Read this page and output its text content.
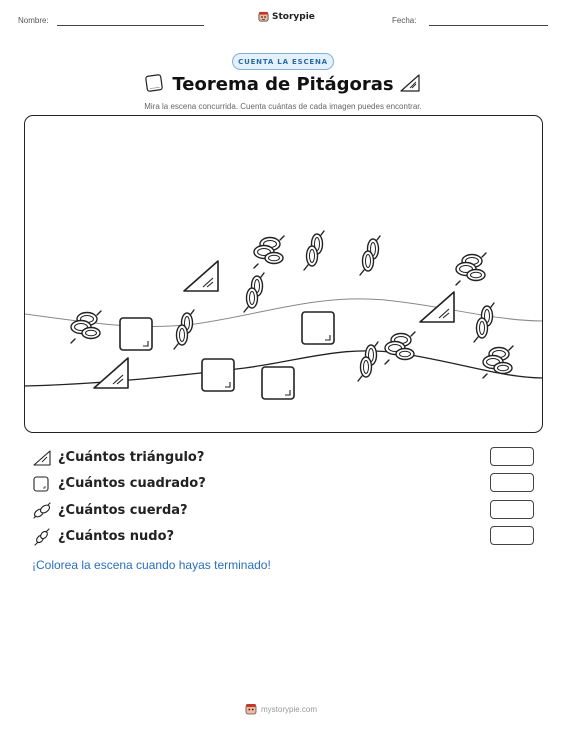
Nombre:	Storypie	Fecha:
CUENTA LA ESCENA
Teorema de Pitágoras
Mira la escena concurrida. Cuenta cuántas de cada imagen puedes encontrar.
¿Cuántos triángulo?
¿Cuántos cuadrado?
¿Cuántos cuerda?
¿Cuántos nudo?
¡Colorea la escena cuando hayas terminado!
mystorypie.com
